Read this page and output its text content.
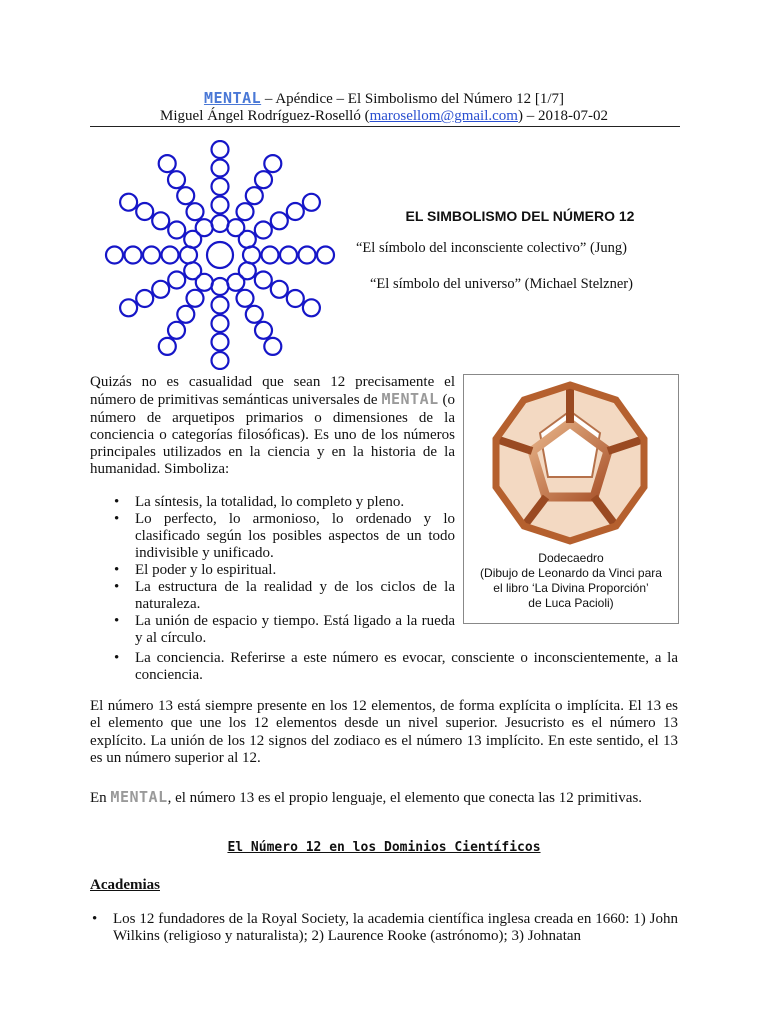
MENTAL – Apéndice – El Simbolismo del Número 12 [1/7]
Miguel Ángel Rodríguez-Roselló (marosellom@gmail.com) – 2018-07-02
EL SIMBOLISMO DEL NÚMERO 12
“El símbolo del inconsciente colectivo” (Jung)
“El símbolo del universo” (Michael Stelzner)
Quizás no es casualidad que sean 12 precisamente el número de primitivas semánticas universales de MENTAL (o número de arquetipos primarios o dimensiones de la conciencia o categorías filosóficas). Es uno de los números principales utilizados en la ciencia y en la historia de la humanidad. Simboliza:
• La síntesis, la totalidad, lo completo y pleno.
• Lo perfecto, lo armonioso, lo ordenado y lo clasificado según los posibles aspectos de un todo indivisible y unificado.
• El poder y lo espiritual.
• La estructura de la realidad y de los ciclos de la naturaleza.
• La unión de espacio y tiempo. Está ligado a la rueda y al círculo.
• La conciencia. Referirse a este número es evocar, consciente o inconscientemente, a la conciencia.
Dodecaedro
(Dibujo de Leonardo da Vinci para
el libro ‘La Divina Proporción’
de Luca Pacioli)
El número 13 está siempre presente en los 12 elementos, de forma explícita o implícita. El 13 es el elemento que une los 12 elementos desde un nivel superior. Jesucristo es el número 13 explícito. La unión de los 12 signos del zodiaco es el número 13 implícito. En este sentido, el 13 es un número superior al 12.
En MENTAL, el número 13 es el propio lenguaje, el elemento que conecta las 12 primitivas.
El Número 12 en los Dominios Científicos
Academias
• Los 12 fundadores de la Royal Society, la academia científica inglesa creada en 1660: 1) John Wilkins (religioso y naturalista); 2) Laurence Rooke (astrónomo); 3) Johnatan
